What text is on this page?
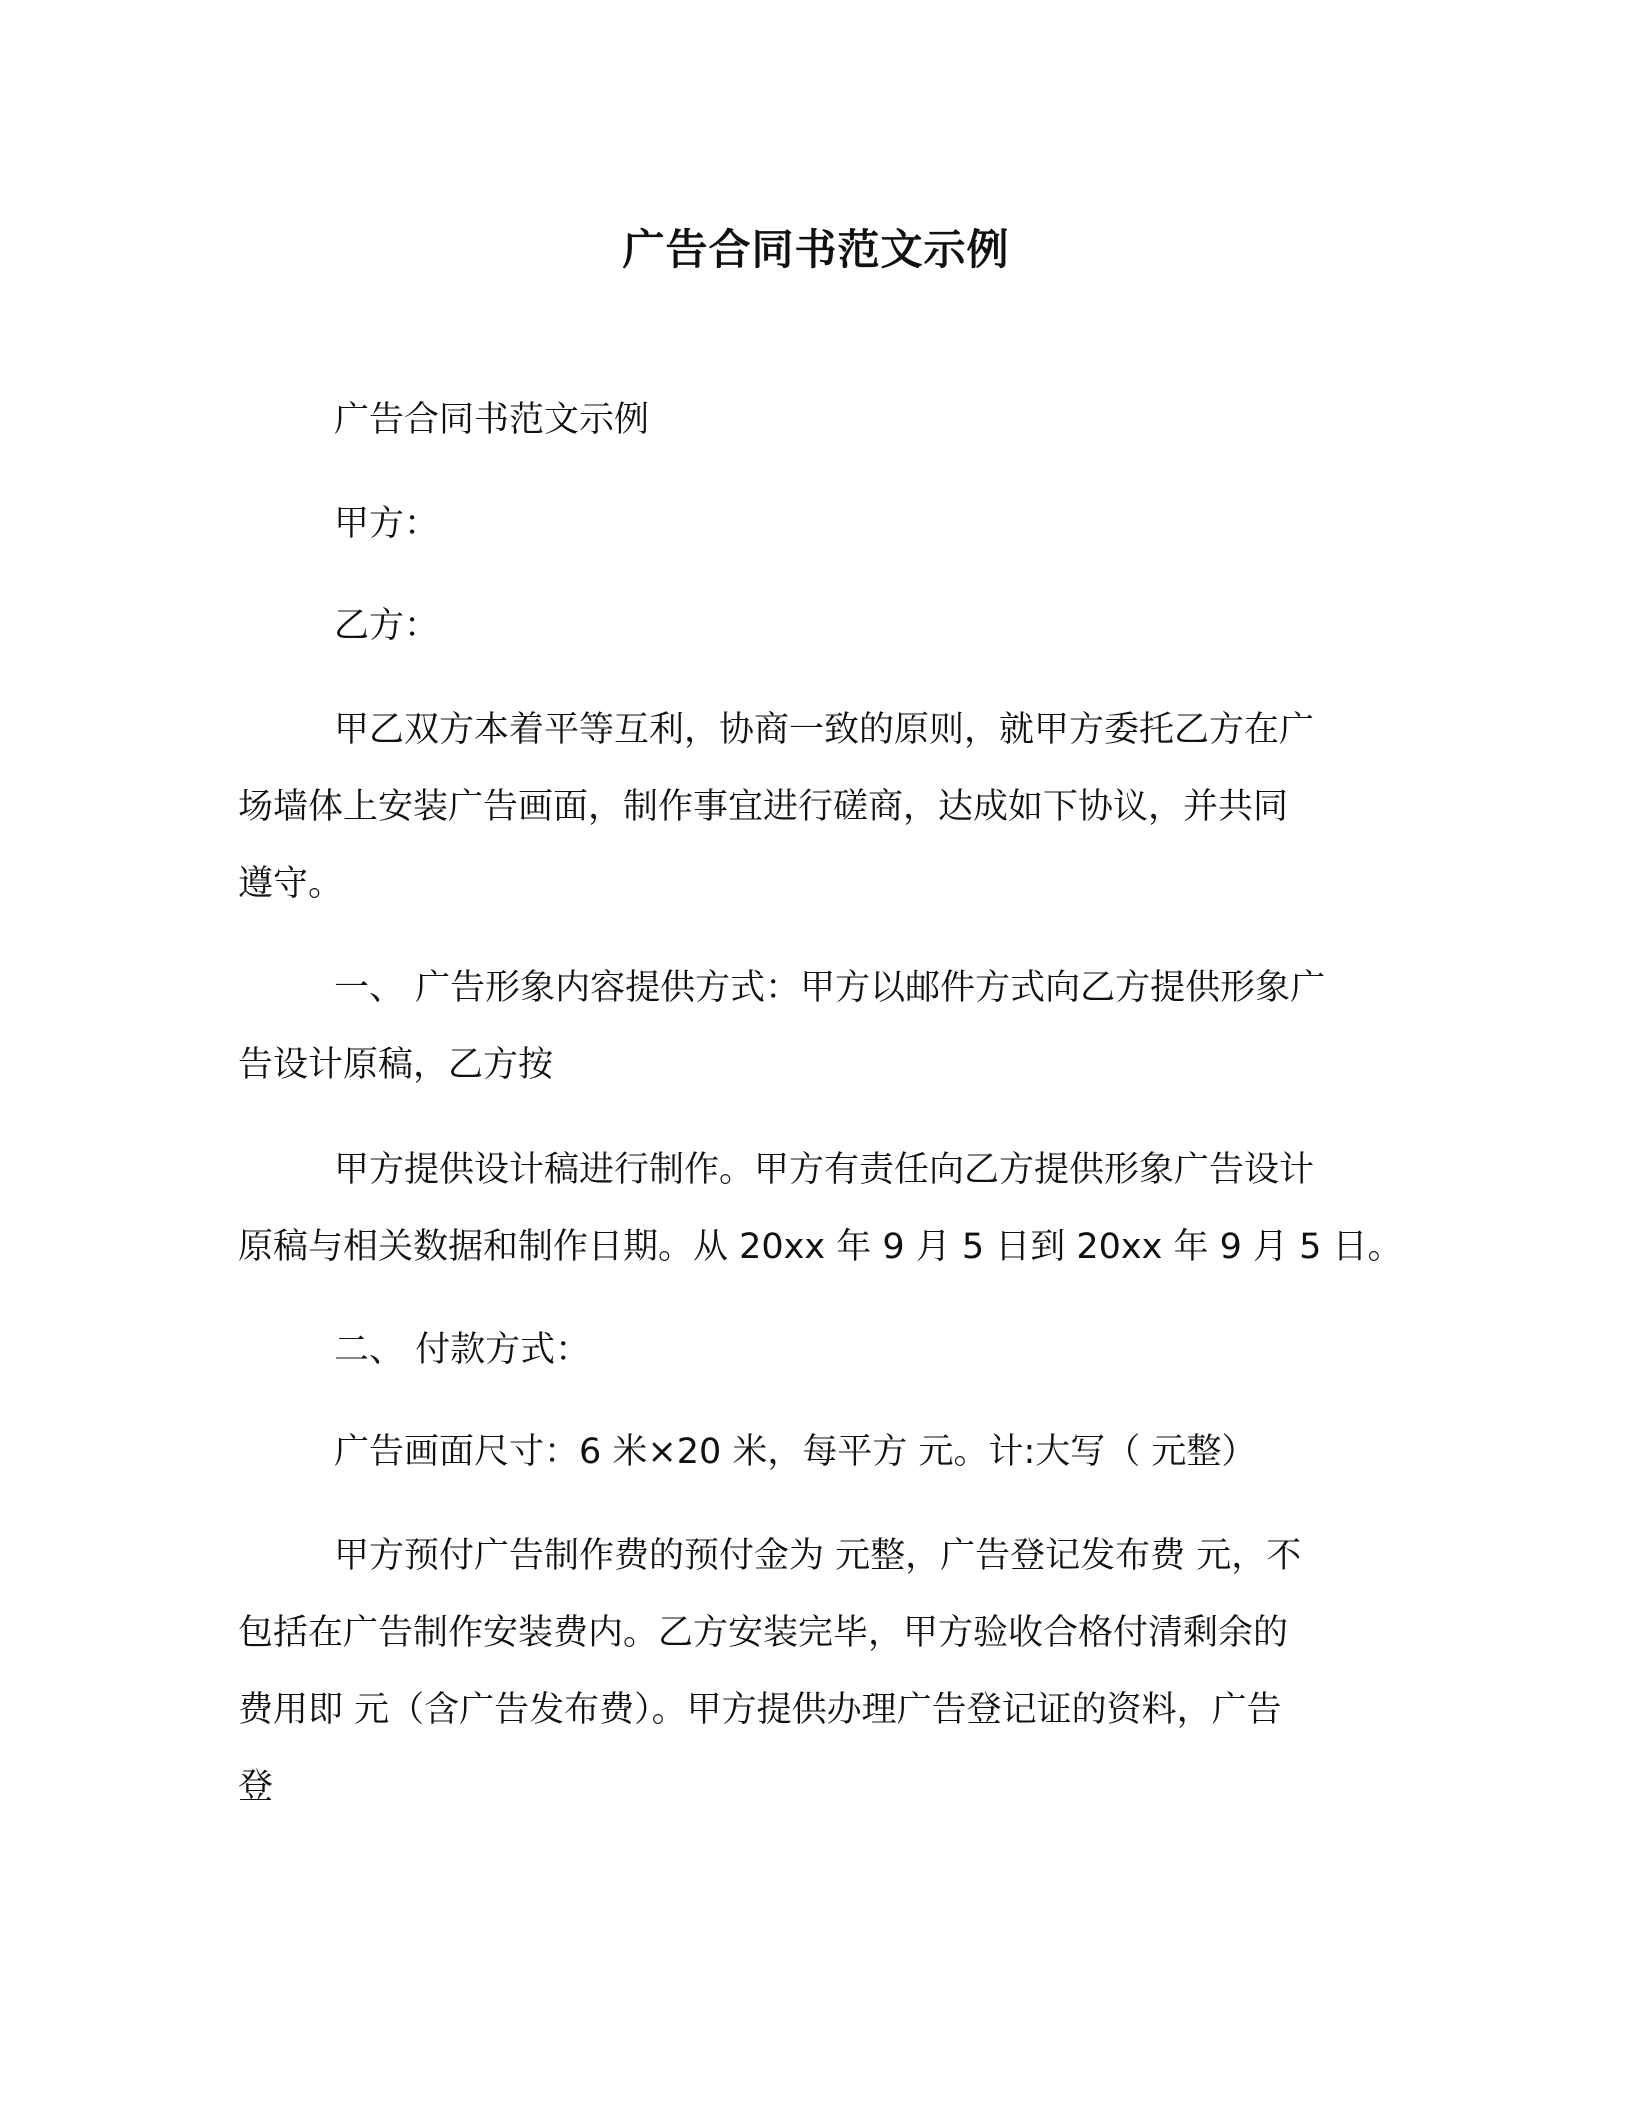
广告合同书范文示例
广告合同书范文示例
甲方：
乙方：
甲乙双方本着平等互利，协商一致的原则，就甲方委托乙方在广
场墙体上安装广告画面，制作事宜进行磋商，达成如下协议，并共同
遵守。
一、 广告形象内容提供方式：甲方以邮件方式向乙方提供形象广
告设计原稿，乙方按
甲方提供设计稿进行制作。甲方有责任向乙方提供形象广告设计
原稿与相关数据和制作日期。从 20xx 年 9 月 5 日到 20xx 年 9 月 5 日。
二、 付款方式：
广告画面尺寸：6 米×20 米，每平方 元。计:大写（ 元整）
甲方预付广告制作费的预付金为 元整，广告登记发布费 元，不
包括在广告制作安装费内。乙方安装完毕，甲方验收合格付清剩余的
费用即 元（含广告发布费）。甲方提供办理广告登记证的资料，广告
登
